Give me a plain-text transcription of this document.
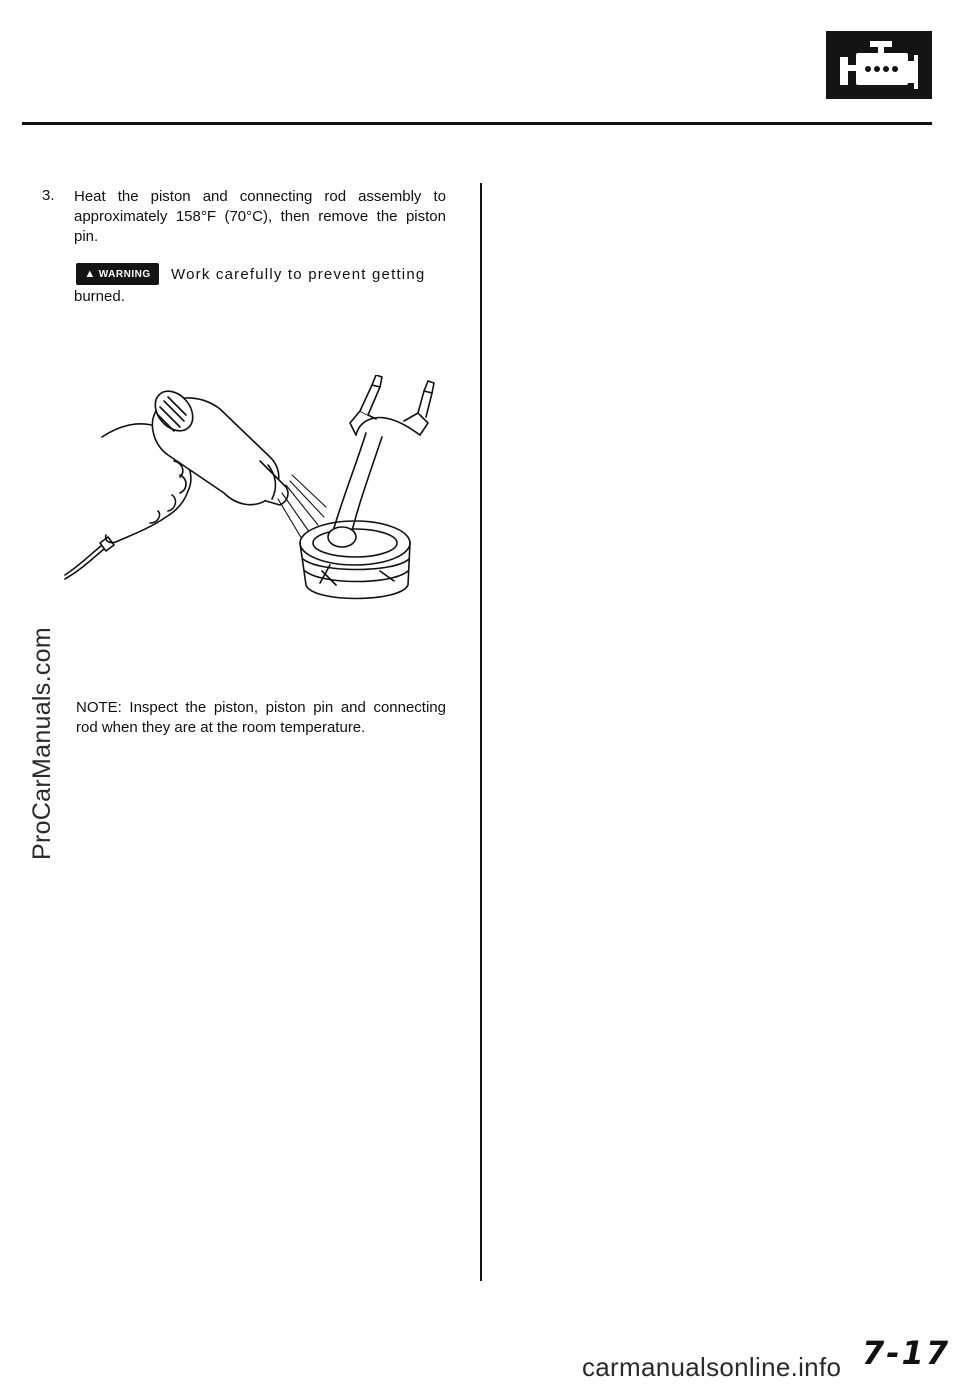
3. Heat the piston and connecting rod assembly to approximately 158°F (70°C), then remove the piston pin.
▲ WARNING Work carefully to prevent getting
burned.
NOTE: Inspect the piston, piston pin and connecting rod when they are at the room temperature.
ProCarManuals.com
7-17
carmanualsonline.info
